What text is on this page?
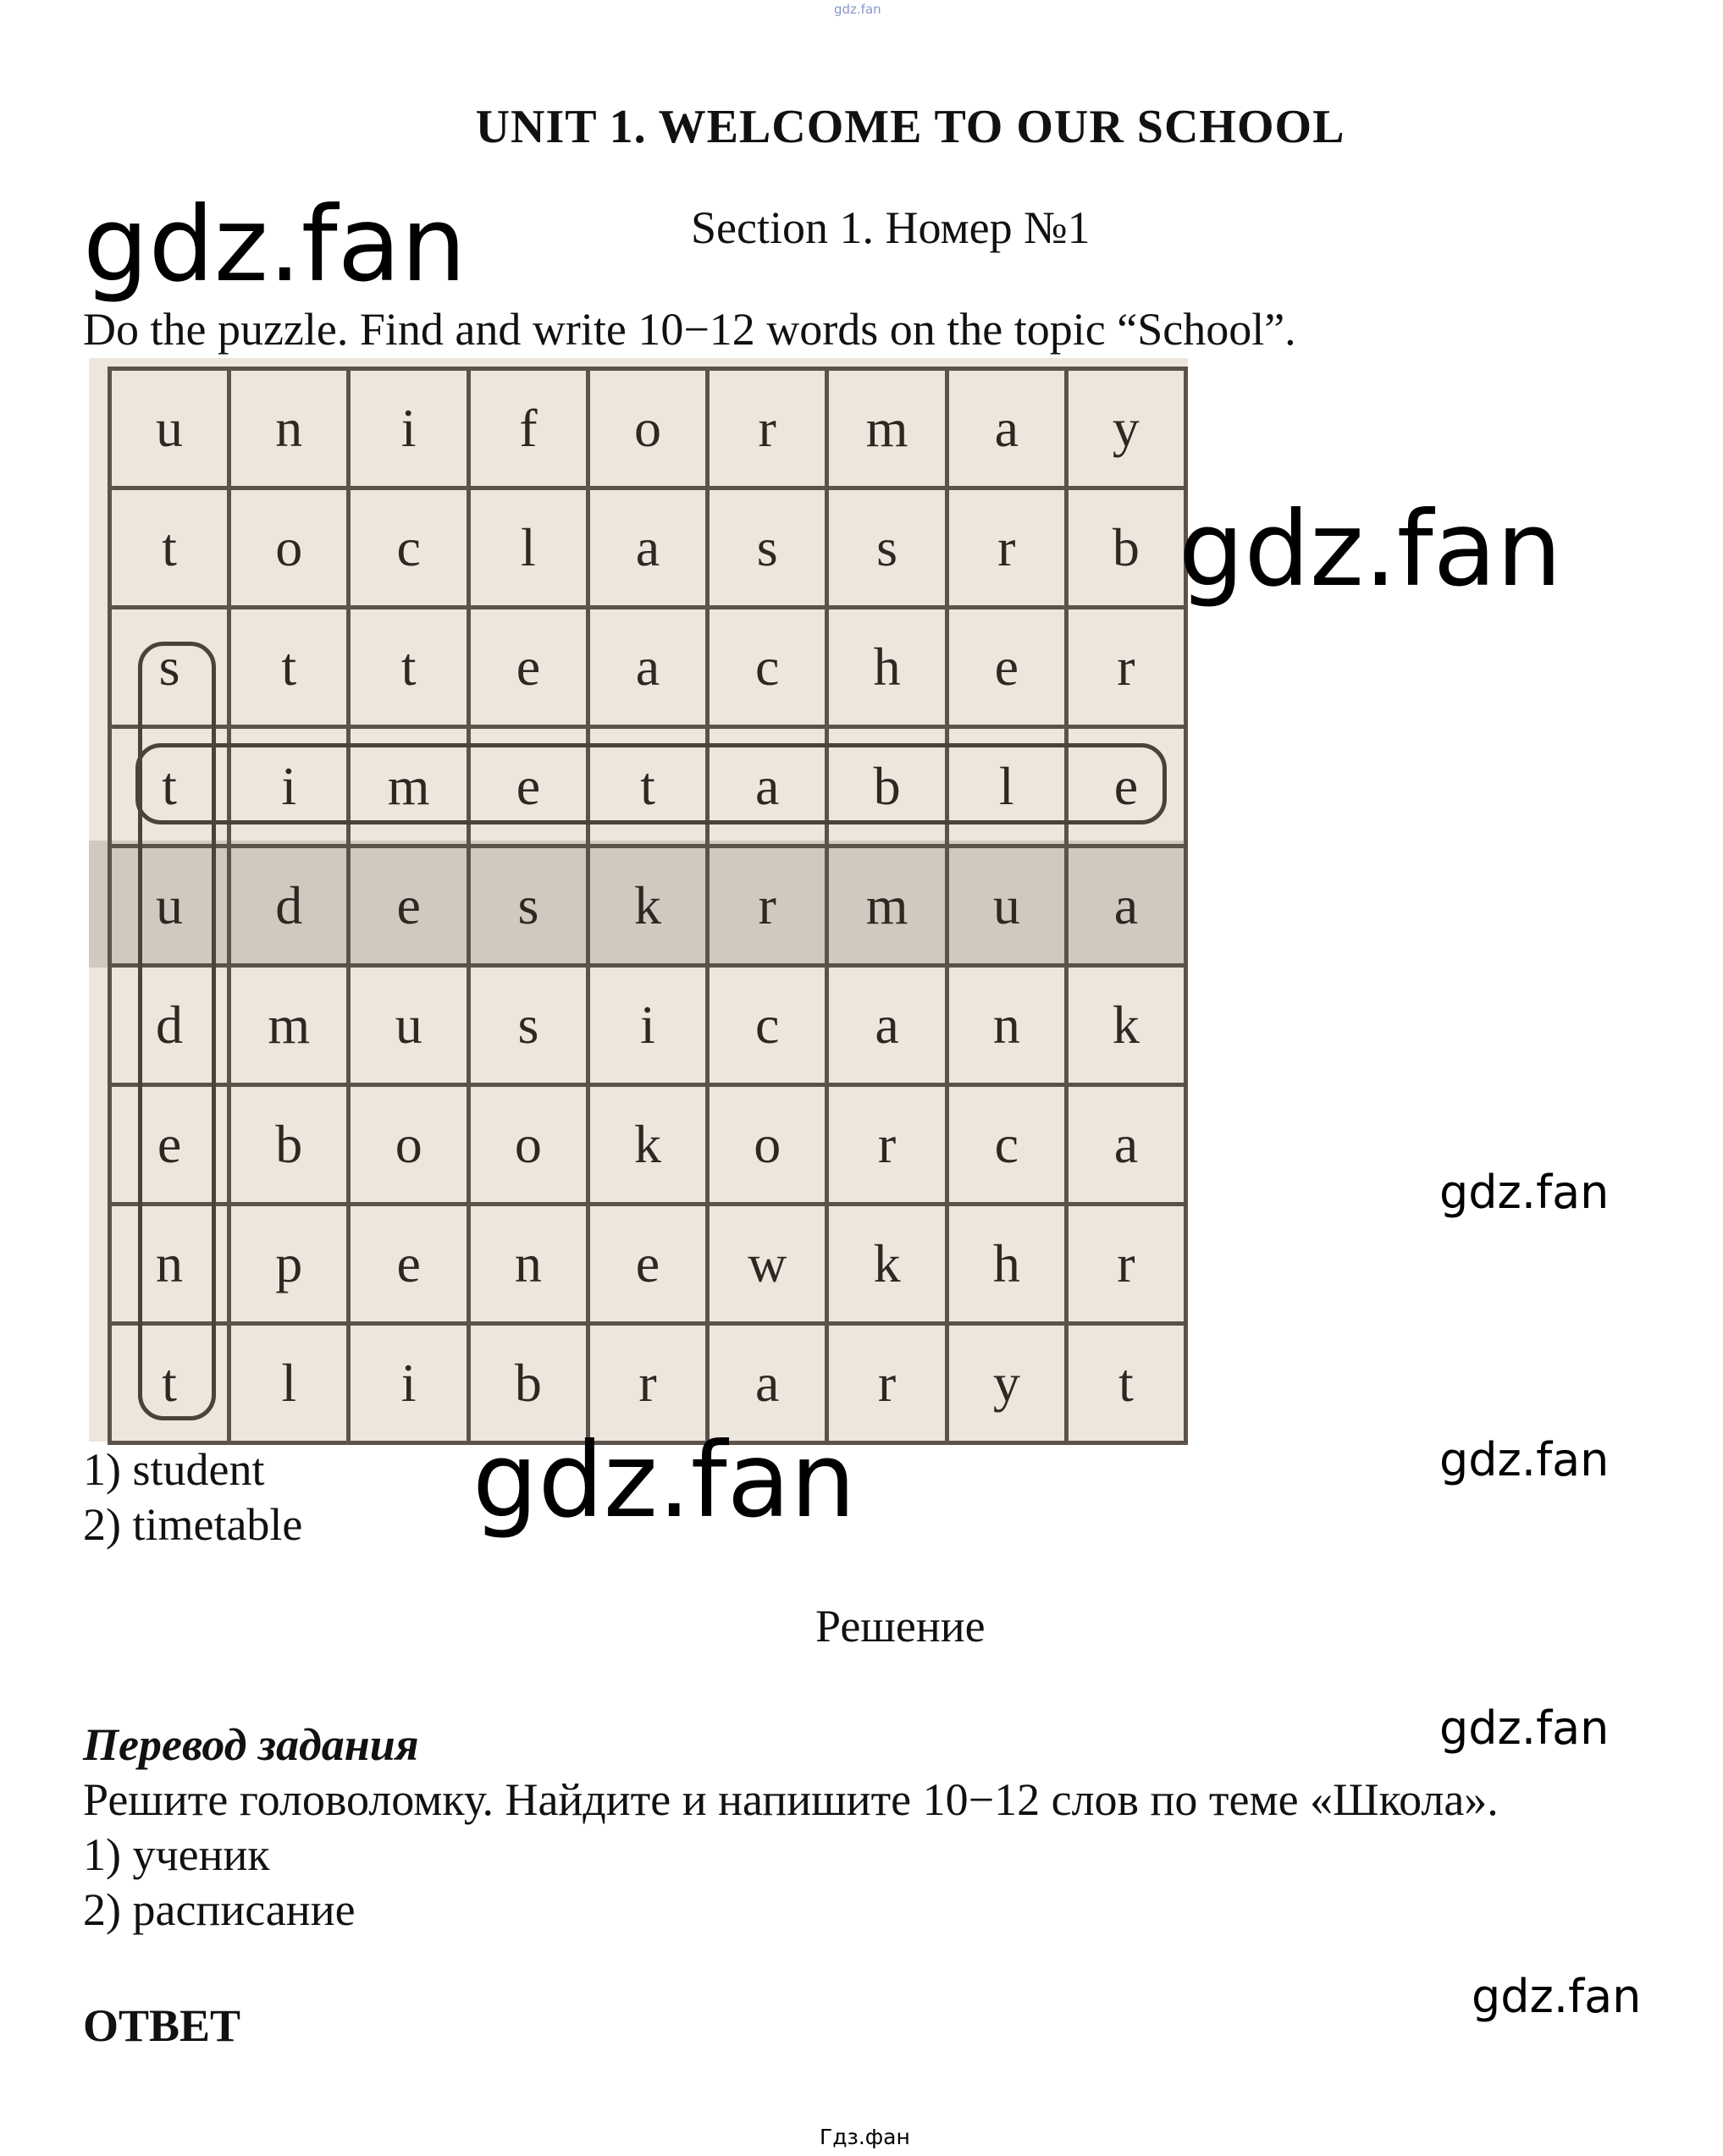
gdz.fan
UNIT 1. WELCOME TO OUR SCHOOL
gdz.fan	Section 1. Номер №1
Do the puzzle. Find and write 10−12 words on the topic “School”.
u	n	i	f	o	r	m	a	y
t	o	c	l	a	s	s	r	b
s	t	t	e	a	c	h	e	r
t	i	m	e	t	a	b	l	e
u	d	e	s	k	r	m	u	a
d	m	u	s	i	c	a	n	k
e	b	o	o	k	o	r	c	a
n	p	e	n	e	w	k	h	r
t	l	i	b	r	a	r	y	t
gdz.fan
gdz.fan
gdz.fan
1) student
2) timetable gdz.fan
Решение
Перевод задания	gdz.fan
Решите головоломку. Найдите и напишите 10−12 слов по теме «Школа».
1) ученик
2) расписание
gdz.fan
ОТВЕТ
Гдз.фан
